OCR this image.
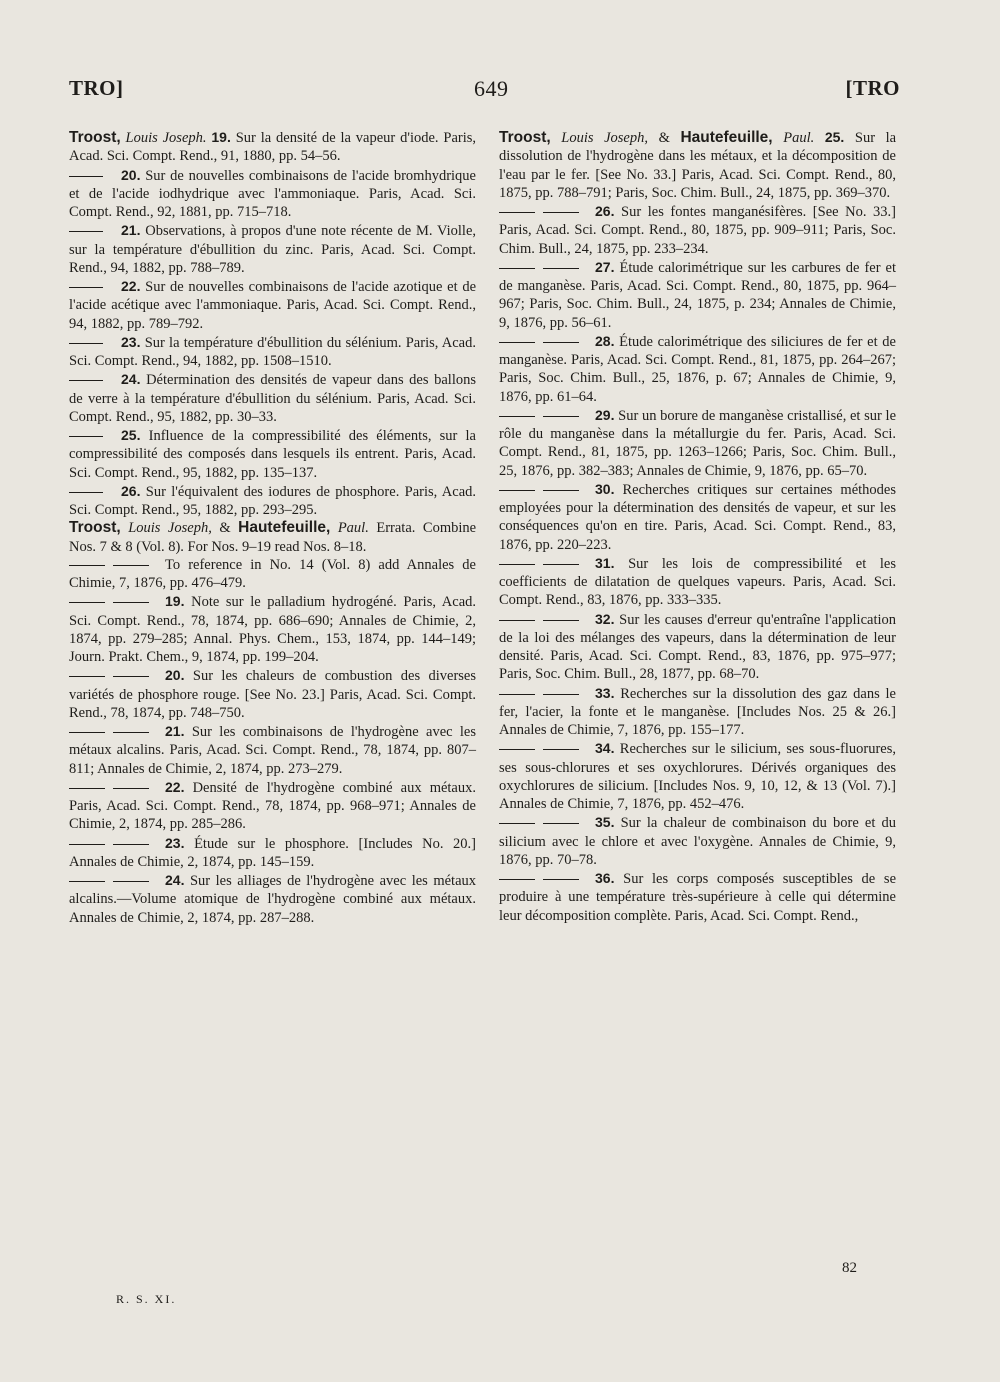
TRO]	649	[TRO

Troost, Louis Joseph. 19. Sur la densité de la vapeur d'iode. Paris, Acad. Sci. Compt. Rend., 91, 1880, pp. 54–56.

20. Sur de nouvelles combinaisons de l'acide bromhydrique et de l'acide iodhydrique avec l'ammoniaque. Paris, Acad. Sci. Compt. Rend., 92, 1881, pp. 715–718.

21. Observations, à propos d'une note récente de M. Violle, sur la température d'ébullition du zinc. Paris, Acad. Sci. Compt. Rend., 94, 1882, pp. 788–789.

22. Sur de nouvelles combinaisons de l'acide azotique et de l'acide acétique avec l'ammoniaque. Paris, Acad. Sci. Compt. Rend., 94, 1882, pp. 789–792.

23. Sur la température d'ébullition du sélénium. Paris, Acad. Sci. Compt. Rend., 94, 1882, pp. 1508–1510.

24. Détermination des densités de vapeur dans des ballons de verre à la température d'ébullition du sélénium. Paris, Acad. Sci. Compt. Rend., 95, 1882, pp. 30–33.

25. Influence de la compressibilité des éléments, sur la compressibilité des composés dans lesquels ils entrent. Paris, Acad. Sci. Compt. Rend., 95, 1882, pp. 135–137.

26. Sur l'équivalent des iodures de phosphore. Paris, Acad. Sci. Compt. Rend., 95, 1882, pp. 293–295.

Troost, Louis Joseph, & Hautefeuille, Paul. Errata. Combine Nos. 7 & 8 (Vol. 8). For Nos. 9–19 read Nos. 8–18.

To reference in No. 14 (Vol. 8) add Annales de Chimie, 7, 1876, pp. 476–479.

19. Note sur le palladium hydrogéné. Paris, Acad. Sci. Compt. Rend., 78, 1874, pp. 686–690; Annales de Chimie, 2, 1874, pp. 279–285; Annal. Phys. Chem., 153, 1874, pp. 144–149; Journ. Prakt. Chem., 9, 1874, pp. 199–204.

20. Sur les chaleurs de combustion des diverses variétés de phosphore rouge. [See No. 23.] Paris, Acad. Sci. Compt. Rend., 78, 1874, pp. 748–750.

21. Sur les combinaisons de l'hydrogène avec les métaux alcalins. Paris, Acad. Sci. Compt. Rend., 78, 1874, pp. 807–811; Annales de Chimie, 2, 1874, pp. 273–279.

22. Densité de l'hydrogène combiné aux métaux. Paris, Acad. Sci. Compt. Rend., 78, 1874, pp. 968–971; Annales de Chimie, 2, 1874, pp. 285–286.

23. Étude sur le phosphore. [Includes No. 20.] Annales de Chimie, 2, 1874, pp. 145–159.

24. Sur les alliages de l'hydrogène avec les métaux alcalins.—Volume atomique de l'hydrogène combiné aux métaux. Annales de Chimie, 2, 1874, pp. 287–288.

Troost, Louis Joseph, & Hautefeuille, Paul. 25. Sur la dissolution de l'hydrogène dans les métaux, et la décomposition de l'eau par le fer. [See No. 33.] Paris, Acad. Sci. Compt. Rend., 80, 1875, pp. 788–791; Paris, Soc. Chim. Bull., 24, 1875, pp. 369–370.

26. Sur les fontes manganésifères. [See No. 33.] Paris, Acad. Sci. Compt. Rend., 80, 1875, pp. 909–911; Paris, Soc. Chim. Bull., 24, 1875, pp. 233–234.

27. Étude calorimétrique sur les carbures de fer et de manganèse. Paris, Acad. Sci. Compt. Rend., 80, 1875, pp. 964–967; Paris, Soc. Chim. Bull., 24, 1875, p. 234; Annales de Chimie, 9, 1876, pp. 56–61.

28. Étude calorimétrique des siliciures de fer et de manganèse. Paris, Acad. Sci. Compt. Rend., 81, 1875, pp. 264–267; Paris, Soc. Chim. Bull., 25, 1876, p. 67; Annales de Chimie, 9, 1876, pp. 61–64.

29. Sur un borure de manganèse cristallisé, et sur le rôle du manganèse dans la métallurgie du fer. Paris, Acad. Sci. Compt. Rend., 81, 1875, pp. 1263–1266; Paris, Soc. Chim. Bull., 25, 1876, pp. 382–383; Annales de Chimie, 9, 1876, pp. 65–70.

30. Recherches critiques sur certaines méthodes employées pour la détermination des densités de vapeur, et sur les conséquences qu'on en tire. Paris, Acad. Sci. Compt. Rend., 83, 1876, pp. 220–223.

31. Sur les lois de compressibilité et les coefficients de dilatation de quelques vapeurs. Paris, Acad. Sci. Compt. Rend., 83, 1876, pp. 333–335.

32. Sur les causes d'erreur qu'entraîne l'application de la loi des mélanges des vapeurs, dans la détermination de leur densité. Paris, Acad. Sci. Compt. Rend., 83, 1876, pp. 975–977; Paris, Soc. Chim. Bull., 28, 1877, pp. 68–70.

33. Recherches sur la dissolution des gaz dans le fer, l'acier, la fonte et le manganèse. [Includes Nos. 25 & 26.] Annales de Chimie, 7, 1876, pp. 155–177.

34. Recherches sur le silicium, ses sous-fluorures, ses sous-chlorures et ses oxychlorures. Dérivés organiques des oxychlorures de silicium. [Includes Nos. 9, 10, 12, & 13 (Vol. 7).] Annales de Chimie, 7, 1876, pp. 452–476.

35. Sur la chaleur de combinaison du bore et du silicium avec le chlore et avec l'oxygène. Annales de Chimie, 9, 1876, pp. 70–78.

36. Sur les corps composés susceptibles de se produire à une température très-supérieure à celle qui détermine leur décomposition complète. Paris, Acad. Sci. Compt. Rend.,

R. S. XI.
82
